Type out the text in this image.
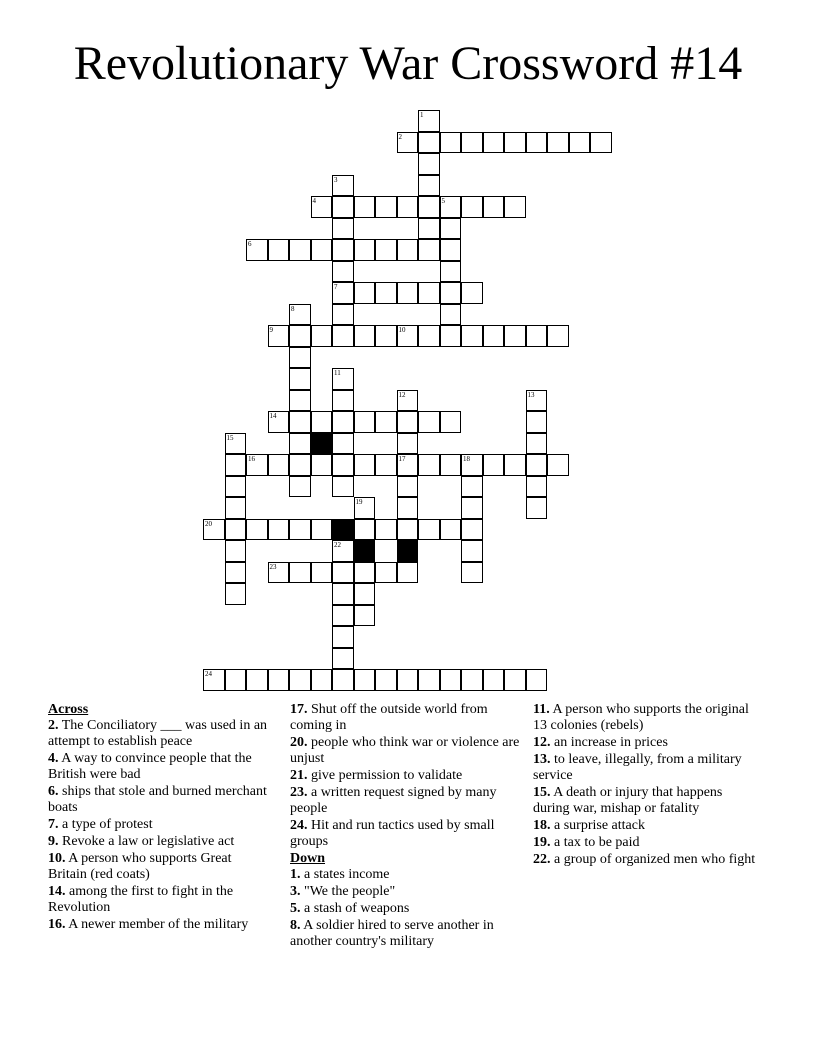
Revolutionary War Crossword #14
1
2
3
7
4	5
6
8
9	10
11
12
17
13
14
15
16	18
19
20	21
22
23
24

Across

2. The Conciliatory ___ was used in an attempt to establish peace

4. A way to convince people that the British were bad

6. ships that stole and burned merchant boats

7. a type of protest

9. Revoke a law or legislative act

10. A person who supports Great Britain (red coats)

14. among the first to fight in the Revolution

16. A newer member of the military

17. Shut off the outside world from coming in

20. people who think war or violence are unjust

21. give permission to validate

23. a written request signed by many people

24. Hit and run tactics used by small groups

Down

1. a states income

3. "We the people"

5. a stash of weapons

8. A soldier hired to serve another in another country's military

11. A person who supports the original 13 colonies (rebels)

12. an increase in prices

13. to leave, illegally, from a military service

15. A death or injury that happens during war, mishap or fatality

18. a surprise attack

19. a tax to be paid

22. a group of organized men who fight
